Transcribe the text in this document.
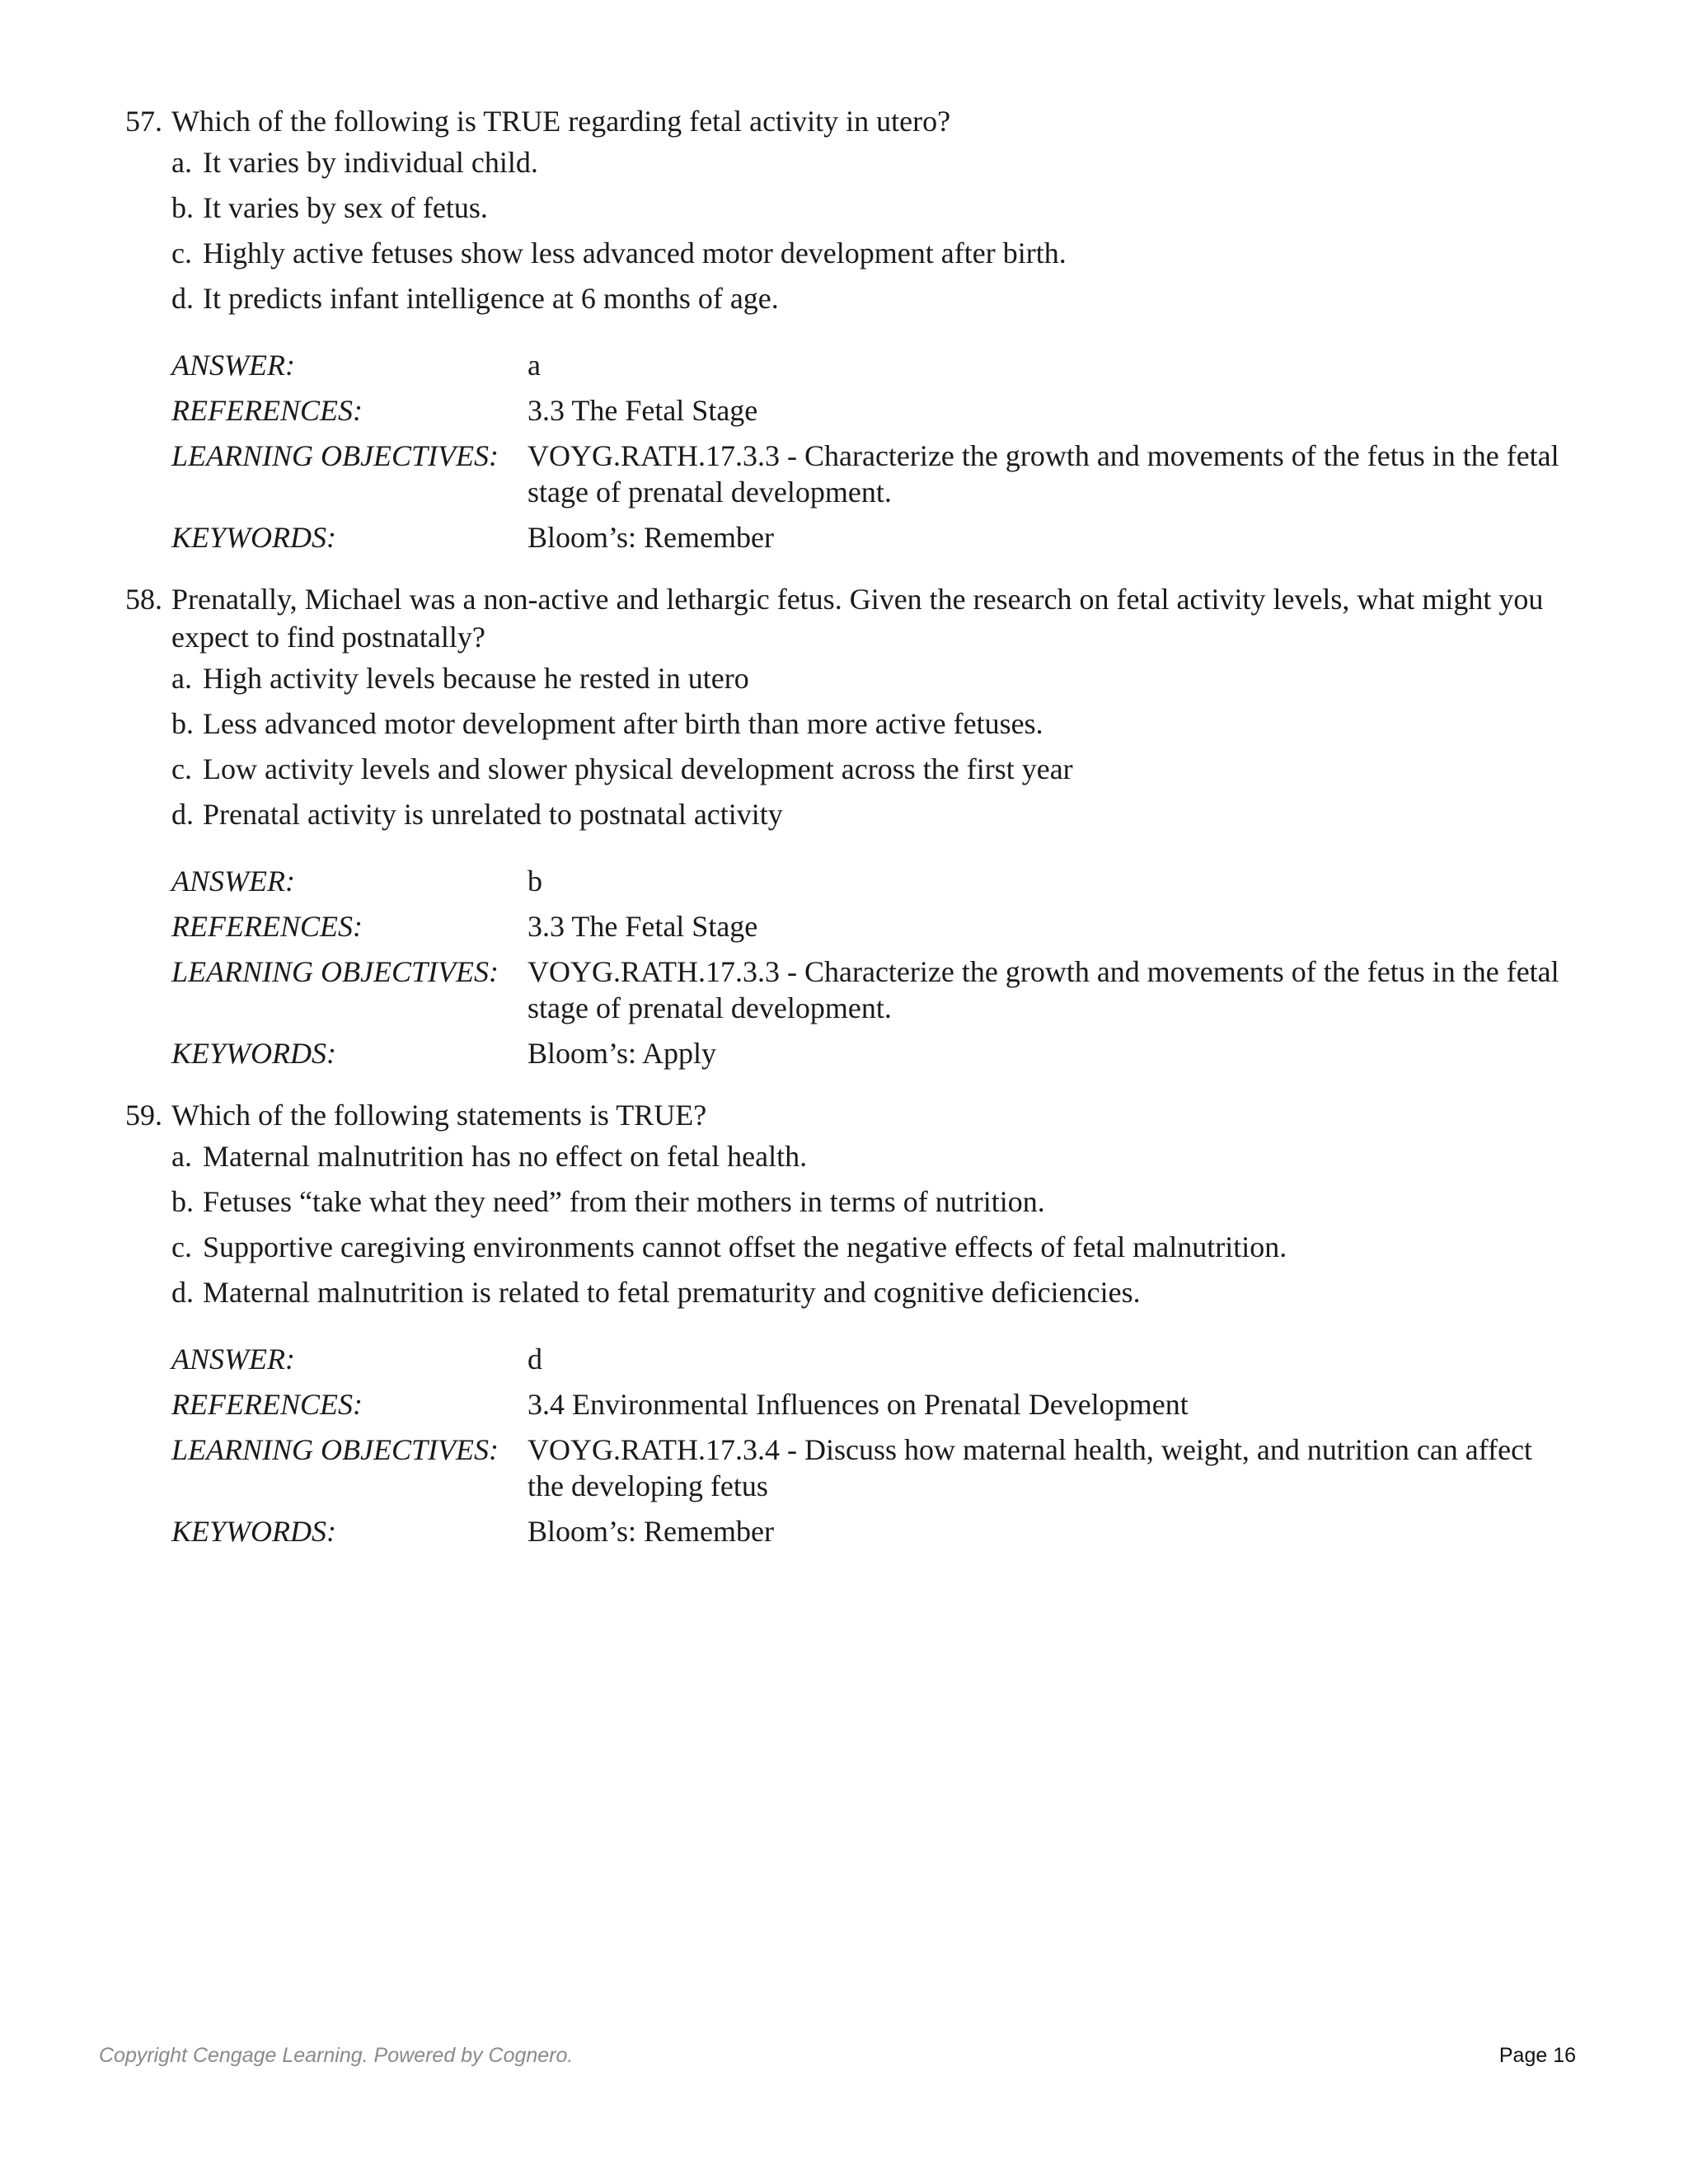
57. Which of the following is TRUE regarding fetal activity in utero?
a. It varies by individual child.
b. It varies by sex of fetus.
c. Highly active fetuses show less advanced motor development after birth.
d. It predicts infant intelligence at 6 months of age.
ANSWER:	a
REFERENCES:	3.3 The Fetal Stage
LEARNING OBJECTIVES: VOYG.RATH.17.3.3 - Characterize the growth and movements of the fetus in the fetal stage of prenatal development.
KEYWORDS:	Bloom’s: Remember
58. Prenatally, Michael was a non-active and lethargic fetus. Given the research on fetal activity levels, what might you expect to find postnatally?
a. High activity levels because he rested in utero
b. Less advanced motor development after birth than more active fetuses.
c. Low activity levels and slower physical development across the first year
d. Prenatal activity is unrelated to postnatal activity
ANSWER:	b
REFERENCES:	3.3 The Fetal Stage
LEARNING OBJECTIVES: VOYG.RATH.17.3.3 - Characterize the growth and movements of the fetus in the fetal stage of prenatal development.
KEYWORDS:	Bloom’s: Apply
59. Which of the following statements is TRUE?
a. Maternal malnutrition has no effect on fetal health.
b. Fetuses “take what they need” from their mothers in terms of nutrition.
c. Supportive caregiving environments cannot offset the negative effects of fetal malnutrition.
d. Maternal malnutrition is related to fetal prematurity and cognitive deficiencies.
ANSWER:	d
REFERENCES:	3.4 Environmental Influences on Prenatal Development
LEARNING OBJECTIVES: VOYG.RATH.17.3.4 - Discuss how maternal health, weight, and nutrition can affect the developing fetus
KEYWORDS:	Bloom’s: Remember
Copyright Cengage Learning. Powered by Cognero.	Page 16
